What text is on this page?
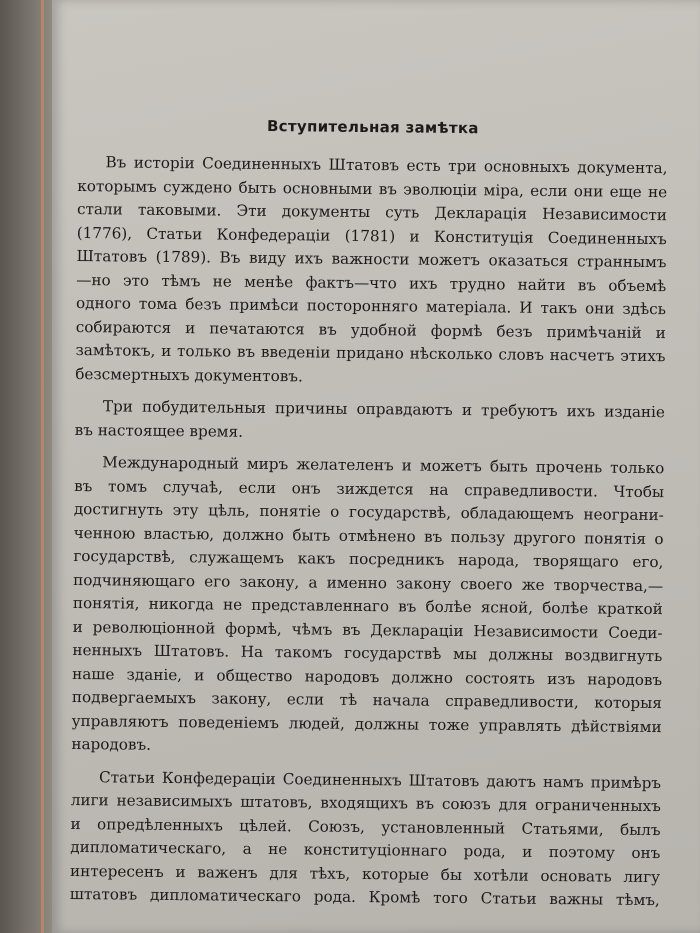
Вступительная замѣтка
Въ исторіи Соединенныхъ Штатовъ есть три основныхъ документа,
которымъ суждено быть основными въ эволюціи міра, если они еще не
стали таковыми. Эти документы суть Декларація Независимости
(1776), Статьи Конфедераціи (1781) и Конституція Соединенныхъ
Штатовъ (1789). Въ виду ихъ важности можетъ оказаться страннымъ
—но это тѣмъ не менѣе фактъ—что ихъ трудно найти въ объемѣ
одного тома безъ примѣси посторонняго матеріала. И такъ они здѣсь
собираются и печатаются въ удобной формѣ безъ примѣчаній и
замѣтокъ, и только въ введеніи придано нѣсколько словъ насчетъ этихъ
безсмертныхъ документовъ.
Три побудительныя причины оправдаютъ и требуютъ ихъ изданіе
въ настоящее время.
Международный миръ желателенъ и можетъ быть прочень только
въ томъ случаѣ, если онъ зиждется на справедливости. Чтобы
достигнуть эту цѣль, понятіе о государствѣ, обладающемъ неограни-
ченною властью, должно быть отмѣнено въ пользу другого понятія о
государствѣ, служащемъ какъ посредникъ народа, творящаго его,
подчиняющаго его закону, а именно закону своего же творчества,—
понятія, никогда не представленнаго въ болѣе ясной, болѣе краткой
и революціонной формѣ, чѣмъ въ Деклараціи Независимости Соеди-
ненныхъ Штатовъ. На такомъ государствѣ мы должны воздвигнуть
наше зданіе, и общество народовъ должно состоять изъ народовъ
подвергаемыхъ закону, если тѣ начала справедливости, которыя
управляютъ поведеніемъ людей, должны тоже управлять дѣйствіями
народовъ.
Статьи Конфедераціи Соединенныхъ Штатовъ даютъ намъ примѣръ
лиги независимыхъ штатовъ, входящихъ въ союзъ для ограниченныхъ
и опредѣленныхъ цѣлей. Союзъ, установленный Статьями, былъ
дипломатическаго, а не конституціоннаго рода, и поэтому онъ
интересенъ и важенъ для тѣхъ, которые бы хотѣли основать лигу
штатовъ дипломатическаго рода. Кромѣ того Статьи важны тѣмъ,
